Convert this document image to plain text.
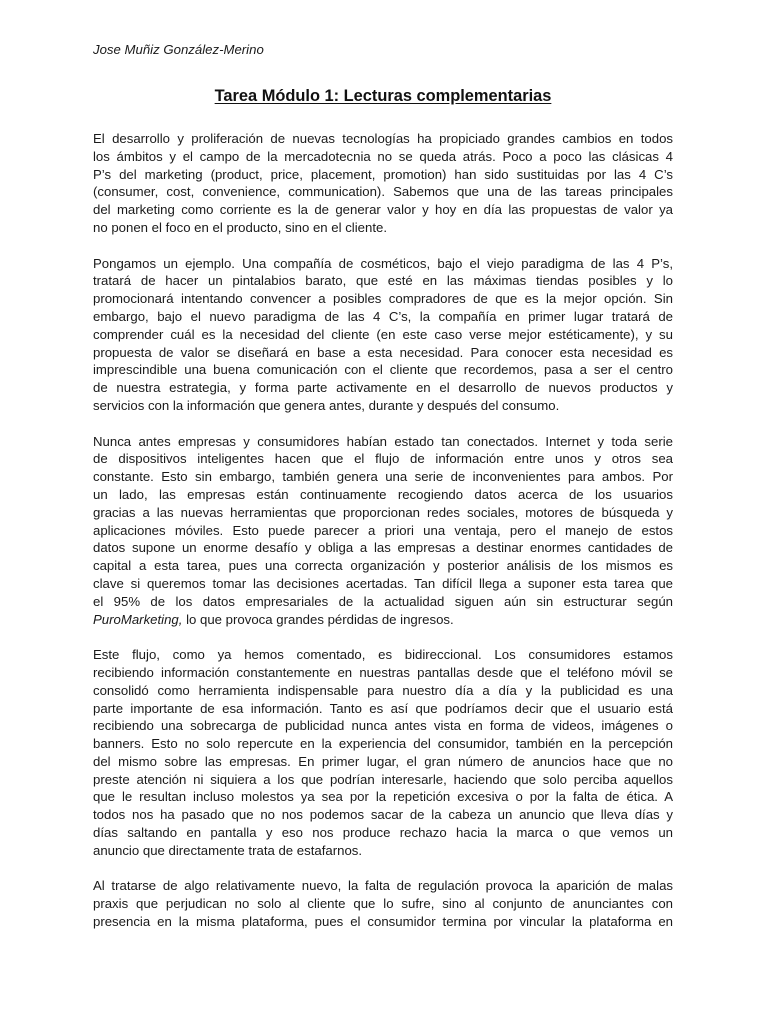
Jose Muñiz González-Merino
Tarea Módulo 1: Lecturas complementarias

El desarrollo y proliferación de nuevas tecnologías ha propiciado grandes cambios en todos
los ámbitos y el campo de la mercadotecnia no se queda atrás. Poco a poco las clásicas 4
P’s del marketing (product, price, placement, promotion) han sido sustituidas por las 4 C’s
(consumer, cost, convenience, communication). Sabemos que una de las tareas principales
del marketing como corriente es la de generar valor y hoy en día las propuestas de valor ya
no ponen el foco en el producto, sino en el cliente.

Pongamos un ejemplo. Una compañía de cosméticos, bajo el viejo paradigma de las 4 P’s,
tratará de hacer un pintalabios barato, que esté en las máximas tiendas posibles y lo
promocionará intentando convencer a posibles compradores de que es la mejor opción. Sin
embargo, bajo el nuevo paradigma de las 4 C’s, la compañía en primer lugar tratará de
comprender cuál es la necesidad del cliente (en este caso verse mejor estéticamente), y su
propuesta de valor se diseñará en base a esta necesidad. Para conocer esta necesidad es
imprescindible una buena comunicación con el cliente que recordemos, pasa a ser el centro
de nuestra estrategia, y forma parte activamente en el desarrollo de nuevos productos y
servicios con la información que genera antes, durante y después del consumo.

Nunca antes empresas y consumidores habían estado tan conectados. Internet y toda serie
de dispositivos inteligentes hacen que el flujo de información entre unos y otros sea
constante. Esto sin embargo, también genera una serie de inconvenientes para ambos. Por
un lado, las empresas están continuamente recogiendo datos acerca de los usuarios
gracias a las nuevas herramientas que proporcionan redes sociales, motores de búsqueda y
aplicaciones móviles. Esto puede parecer a priori una ventaja, pero el manejo de estos
datos supone un enorme desafío y obliga a las empresas a destinar enormes cantidades de
capital a esta tarea, pues una correcta organización y posterior análisis de los mismos es
clave si queremos tomar las decisiones acertadas. Tan difícil llega a suponer esta tarea que
el 95% de los datos empresariales de la actualidad siguen aún sin estructurar según
PuroMarketing, lo que provoca grandes pérdidas de ingresos.

Este flujo, como ya hemos comentado, es bidireccional. Los consumidores estamos
recibiendo información constantemente en nuestras pantallas desde que el teléfono móvil se
consolidó como herramienta indispensable para nuestro día a día y la publicidad es una
parte importante de esa información. Tanto es así que podríamos decir que el usuario está
recibiendo una sobrecarga de publicidad nunca antes vista en forma de videos, imágenes o
banners. Esto no solo repercute en la experiencia del consumidor, también en la percepción
del mismo sobre las empresas. En primer lugar, el gran número de anuncios hace que no
preste atención ni siquiera a los que podrían interesarle, haciendo que solo perciba aquellos
que le resultan incluso molestos ya sea por la repetición excesiva o por la falta de ética. A
todos nos ha pasado que no nos podemos sacar de la cabeza un anuncio que lleva días y
días saltando en pantalla y eso nos produce rechazo hacia la marca o que vemos un
anuncio que directamente trata de estafarnos.

Al tratarse de algo relativamente nuevo, la falta de regulación provoca la aparición de malas
praxis que perjudican no solo al cliente que lo sufre, sino al conjunto de anunciantes con
presencia en la misma plataforma, pues el consumidor termina por vincular la plataforma en
